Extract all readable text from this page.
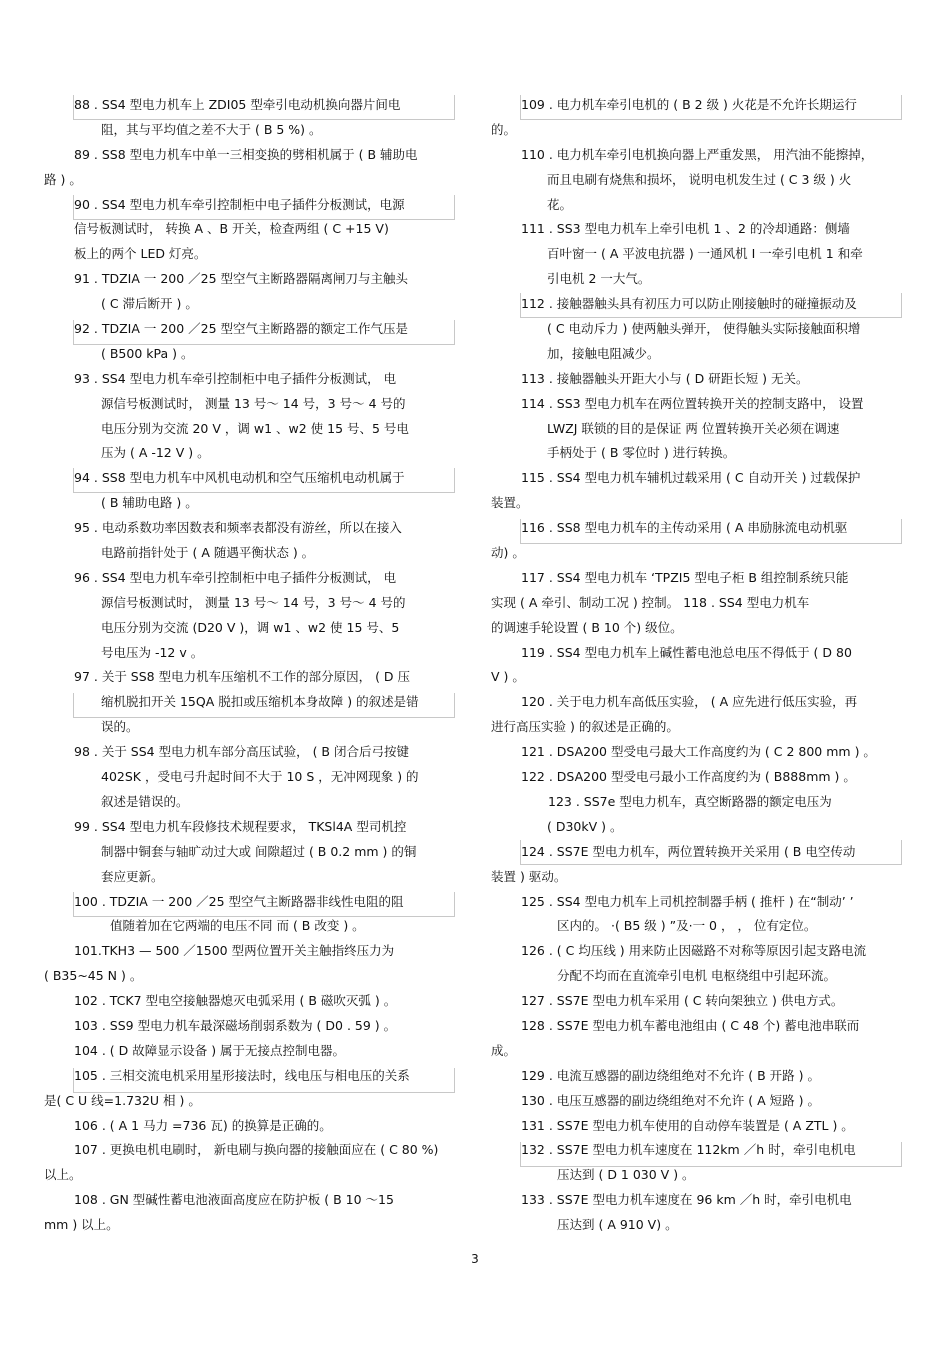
88 . SS4 型电力机车上 ZDI05 型牵引电动机换向器片间电

阻，其与平均值之差不大于 ( B 5 %) 。

89 . SS8 型电力机车中单一三相变换的劈相机属于 ( B 辅助电

路 ) 。

90 . SS4 型电力机车牵引控制柜中电子插件分板测试，电源

信号板测试时， 转换 A 、B 开关，检查两组 ( C +15 V)

板上的两个 LED 灯亮。

91 . TDZIA 一 200 ／25 型空气主断路器隔离闸刀与主触头

( C 滞后断开 ) 。

92 . TDZIA 一 200 ／25 型空气主断路器的额定工作气压是

( B500 kPa ) 。

93 . SS4 型电力机车牵引控制柜中电子插件分板测试， 电

源信号板测试时， 测量 13 号～ 14 号，3 号～ 4 号的

电压分别为交流 20 V ，调 w1 、w2 使 15 号、5 号电

压为 ( A -12 V ) 。

94 . SS8 型电力机车中风机电动机和空气压缩机电动机属于

( B 辅助电路 ) 。

95 . 电动系数功率因数表和频率表都没有游丝，所以在接入

电路前指针处于 ( A 随遇平衡状态 ) 。

96 . SS4 型电力机车牵引控制柜中电子插件分板测试， 电

源信号板测试时， 测量 13 号～ 14 号，3 号～ 4 号的

电压分别为交流 (D20 V )，调 w1 、w2 使 15 号、5

号电压为 -12 v 。

97 . 关于 SS8 型电力机车压缩机不工作的部分原因， ( D 压

缩机脱扣开关 15QA 脱扣或压缩机本身故障 ) 的叙述是错

误的。

98 . 关于 SS4 型电力机车部分高压试验， ( B 闭合后弓按键

402SK ，受电弓升起时间不大于 10 S ，无冲网现象 ) 的

叙述是错误的。

99 . SS4 型电力机车段修技术规程要求， TKSl4A 型司机控

制器中铜套与轴旷动过大或 间隙超过 ( B 0.2 mm ) 的铜

套应更新。

100 . TDZIA 一 200 ／25 型空气主断路器非线性电阻的阻

值随着加在它两端的电压不同 而 ( B 改变 ) 。

101.TKH3 — 500 ／1500 型两位置开关主触指终压力为

( B35~45 N ) 。

102 . TCK7 型电空接触器熄灭电弧采用 ( B 磁吹灭弧 ) 。

103 . SS9 型电力机车最深磁场削弱系数为 ( D0 . 59 ) 。

104 . ( D 故障显示设备 ) 属于无接点控制电器。

105 . 三相交流电机采用星形接法时，线电压与相电压的关系

是( C U 线=1.732U 相 ) 。

106 . ( A 1 马力 =736 瓦) 的换算是正确的。

107 . 更换电机电刷时， 新电刷与换向器的接触面应在 ( C 80 %)

以上。

108 . GN 型碱性蓄电池液面高度应在防护板 ( B 10 ～15

mm ) 以上。

109 . 电力机车牵引电机的 ( B 2 级 ) 火花是不允许长期运行

的。

110 . 电力机车牵引电机换向器上严重发黑， 用汽油不能擦掉，

而且电刷有烧焦和损坏， 说明电机发生过 ( C 3 级 ) 火

花。

111 . SS3 型电力机车上牵引电机 1 、2 的冷却通路：侧墙

百叶窗一 ( A 平波电抗器 ) 一通风机 I 一牵引电机 1 和牵

引电机 2 一大气。

112 . 接触器触头具有初压力可以防止刚接触时的碰撞振动及

( C 电动斥力 ) 使两触头弹开， 使得触头实际接触面积增

加，接触电阻减少。

113 . 接触器触头开距大小与 ( D 研距长短 ) 无关。

114 . SS3 型电力机车在两位置转换开关的控制支路中， 设置

LWZJ 联锁的目的是保证 两 位置转换开关必须在调速

手柄处于 ( B 零位时 ) 进行转换。

115 . SS4 型电力机车辅机过载采用 ( C 自动开关 ) 过载保护

装置。

116 . SS8 型电力机车的主传动采用 ( A 串励脉流电动机驱

动) 。

117 . SS4 型电力机车 ‘TPZI5 型电子柜 B 组控制系统只能

实现 ( A 牵引、制动工况 ) 控制。 118 . SS4 型电力机车

的调速手轮设置 ( B 10 个) 级位。

119 . SS4 型电力机车上碱性蓄电池总电压不得低于 ( D 80

V ) 。

120 . 关于电力机车高低压实验， ( A 应先进行低压实验，再

进行高压实验 ) 的叙述是正确的。

121 . DSA200 型受电弓最大工作高度约为 ( C 2 800 mm ) 。

122 . DSA200 型受电弓最小工作高度约为 ( B888mm ) 。

123 . SS7e 型电力机车，真空断路器的额定电压为

( D30kV ) 。

124 . SS7E 型电力机车，两位置转换开关采用 ( B 电空传动

装置 ) 驱动。

125 . SS4 型电力机车上司机控制器手柄 ( 推杆 ) 在“制动’ ’

区内的。 ·( B5 级 ) ”及·一 0 ， ， 位有定位。

126 . ( C 均压线 ) 用来防止因磁路不对称等原因引起支路电流

分配不均而在直流牵引电机 电枢绕组中引起环流。

127 . SS7E 型电力机车采用 ( C 转向架独立 ) 供电方式。

128 . SS7E 型电力机车蓄电池组由 ( C 48 个) 蓄电池串联而

成。

129 . 电流互感器的副边绕组绝对不允许 ( B 开路 ) 。

130 . 电压互感器的副边绕组绝对不允许 ( A 短路 ) 。

131 . SS7E 型电力机车使用的自动停车装置是 ( A ZTL ) 。

132 . SS7E 型电力机车速度在 112km ／h 时，牵引电机电

压达到 ( D 1 030 V ) 。

133 . SS7E 型电力机车速度在 96 km ／h 时，牵引电机电

压达到 ( A 910 V) 。

3
